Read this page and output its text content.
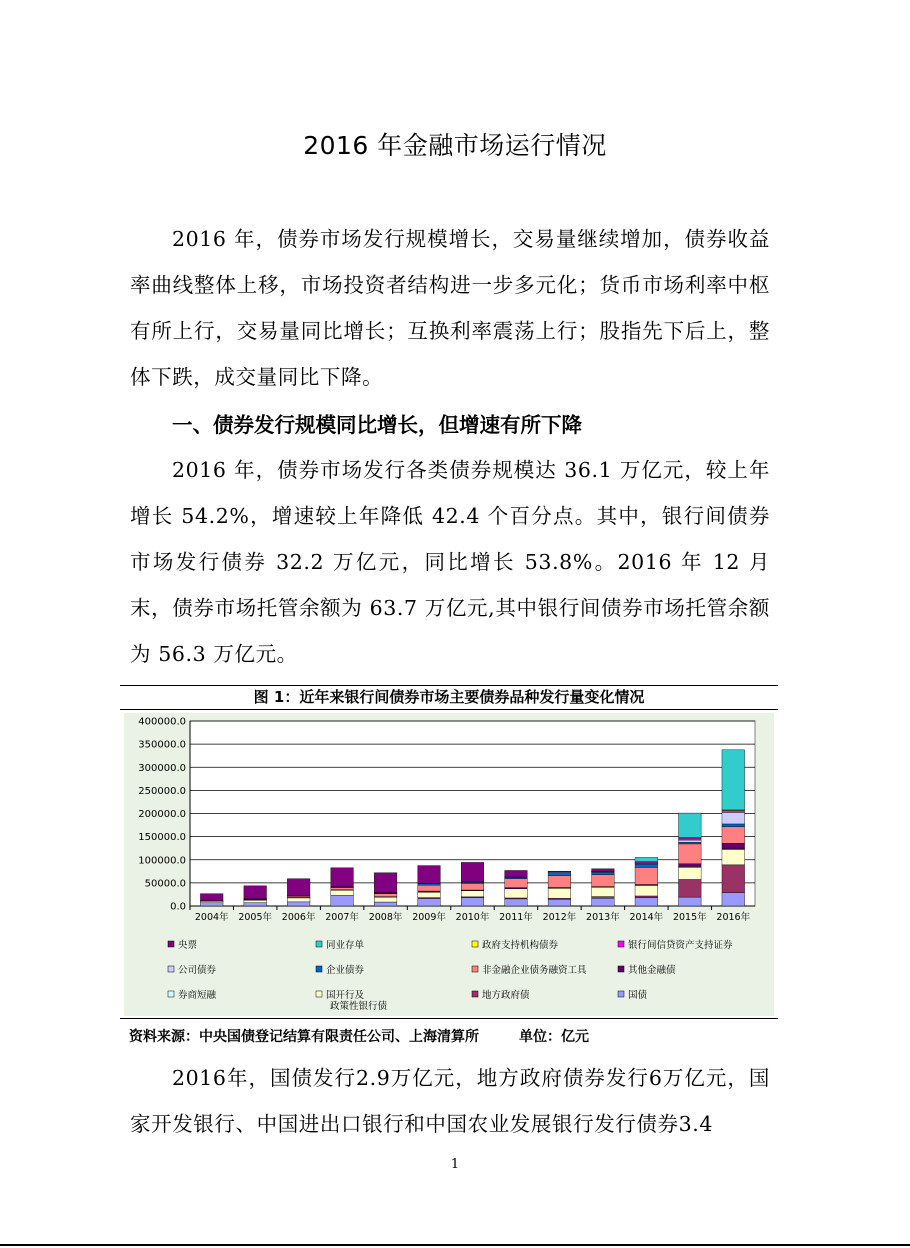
2016 年金融市场运行情况

2016 年，债券市场发行规模增长，交易量继续增加，债券收益率曲线整体上移，市场投资者结构进一步多元化；货币市场利率中枢有所上行，交易量同比增长；互换利率震荡上行；股指先下后上，整体下跌，成交量同比下降。

一、债券发行规模同比增长，但增速有所下降

2016 年，债券市场发行各类债券规模达 36.1 万亿元，较上年增长 54.2%，增速较上年降低 42.4 个百分点。其中，银行间债券市场发行债券 32.2 万亿元，同比增长 53.8%。2016 年 12 月末，债券市场托管余额为 63.7 万亿元,其中银行间债券市场托管余额为 56.3 万亿元。

图 1：近年来银行间债券市场主要债券品种发行量变化情况
0.0
50000.0
100000.0
150000.0
200000.0
250000.0
300000.0
350000.0
400000.0
2004年 2005年 2006年 2007年 2008年 2009年 2010年 2011年 2012年 2013年 2014年 2015年 2016年
央票	同业存单	政府支持机构债券	银行间信贷资产支持证券
公司债券	企业债券	非金融企业债务融资工具	其他金融债
券商短融	国开行及
政策性银行债
地方政府债	国债
资料来源：中央国债登记结算有限责任公司、上海清算所	单位：亿元

2016年，国债发行2.9万亿元，地方政府债券发行6万亿元，国家开发银行、中国进出口银行和中国农业发展银行发行债券3.4

1
